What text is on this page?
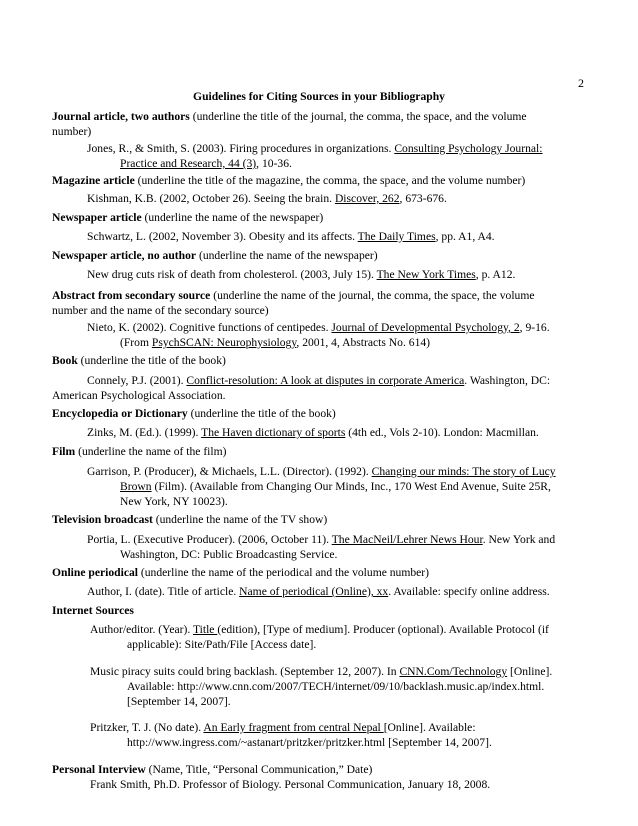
2
Guidelines for Citing Sources in your Bibliography
Journal article, two authors (underline the title of the journal, the comma, the space, and the volume
number)
Jones, R., & Smith, S. (2003). Firing procedures in organizations. Consulting Psychology Journal:
Practice and Research, 44 (3), 10-36.
Magazine article (underline the title of the magazine, the comma, the space, and the volume number)
Kishman, K.B. (2002, October 26). Seeing the brain. Discover, 262, 673-676.
Newspaper article (underline the name of the newspaper)
Schwartz, L. (2002, November 3). Obesity and its affects. The Daily Times, pp. A1, A4.
Newspaper article, no author (underline the name of the newspaper)
New drug cuts risk of death from cholesterol. (2003, July 15). The New York Times, p. A12.
Abstract from secondary source (underline the name of the journal, the comma, the space, the volume
number and the name of the secondary source)
Nieto, K. (2002). Cognitive functions of centipedes. Journal of Developmental Psychology, 2, 9-16.
(From PsychSCAN: Neurophysiology, 2001, 4, Abstracts No. 614)
Book (underline the title of the book)
Connely, P.J. (2001). Conflict-resolution: A look at disputes in corporate America. Washington, DC:
American Psychological Association.
Encyclopedia or Dictionary (underline the title of the book)
Zinks, M. (Ed.). (1999). The Haven dictionary of sports (4th ed., Vols 2-10). London: Macmillan.
Film (underline the name of the film)
Garrison, P. (Producer), & Michaels, L.L. (Director). (1992). Changing our minds: The story of Lucy
Brown (Film). (Available from Changing Our Minds, Inc., 170 West End Avenue, Suite 25R,
New York, NY 10023).
Television broadcast (underline the name of the TV show)
Portia, L. (Executive Producer). (2006, October 11). The MacNeil/Lehrer News Hour. New York and
Washington, DC: Public Broadcasting Service.
Online periodical (underline the name of the periodical and the volume number)
Author, I. (date). Title of article. Name of periodical (Online), xx. Available: specify online address.
Internet Sources
Author/editor. (Year). Title (edition), [Type of medium]. Producer (optional). Available Protocol (if
applicable): Site/Path/File [Access date].
Music piracy suits could bring backlash. (September 12, 2007). In CNN.Com/Technology [Online].
Available: http://www.cnn.com/2007/TECH/internet/09/10/backlash.music.ap/index.html.
[September 14, 2007].
Pritzker, T. J. (No date). An Early fragment from central Nepal [Online]. Available:
http://www.ingress.com/~astanart/pritzker/pritzker.html [September 14, 2007].
Personal Interview (Name, Title, “Personal Communication,” Date)
Frank Smith, Ph.D. Professor of Biology. Personal Communication, January 18, 2008.
